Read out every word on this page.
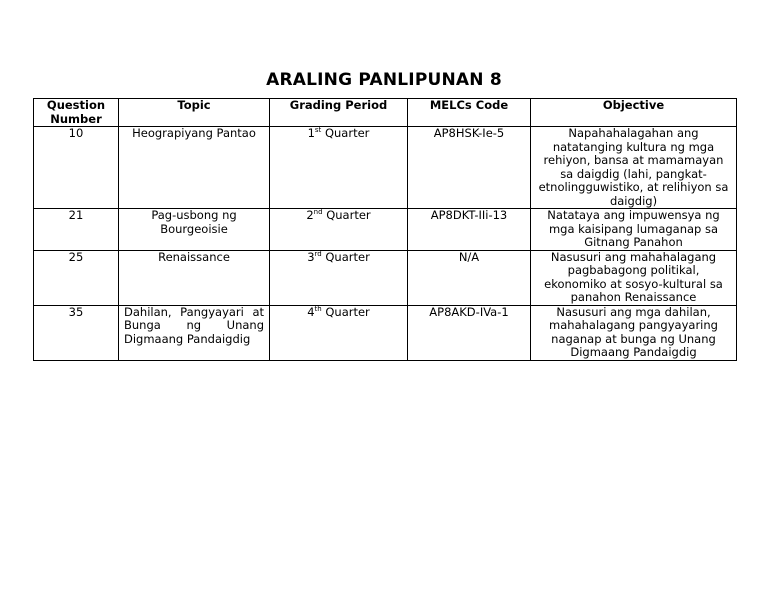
ARALING PANLIPUNAN 8
Question Number	Topic	Grading Period	MELCs Code	Objective
10	Heograpiyang Pantao	1st Quarter	AP8HSK-Ie-5	Napahahalagahan ang natatanging kultura ng mga rehiyon, bansa at mamamayan sa daigdig (lahi, pangkat-etnolingguwistiko, at relihiyon sa daigdig)
21	Pag-usbong ng Bourgeoisie	2nd Quarter	AP8DKT-IIi-13	Natataya ang impuwensya ng mga kaisipang lumaganap sa Gitnang Panahon
25	Renaissance	3rd Quarter	N/A	Nasusuri ang mahahalagang pagbabagong politikal, ekonomiko at sosyo-kultural sa panahon Renaissance
35	Dahilan, Pangyayari at Bunga ng Unang Digmaang Pandaigdig	4th Quarter	AP8AKD-IVa-1	Nasusuri ang mga dahilan, mahahalagang pangyayaring naganap at bunga ng Unang Digmaang Pandaigdig
